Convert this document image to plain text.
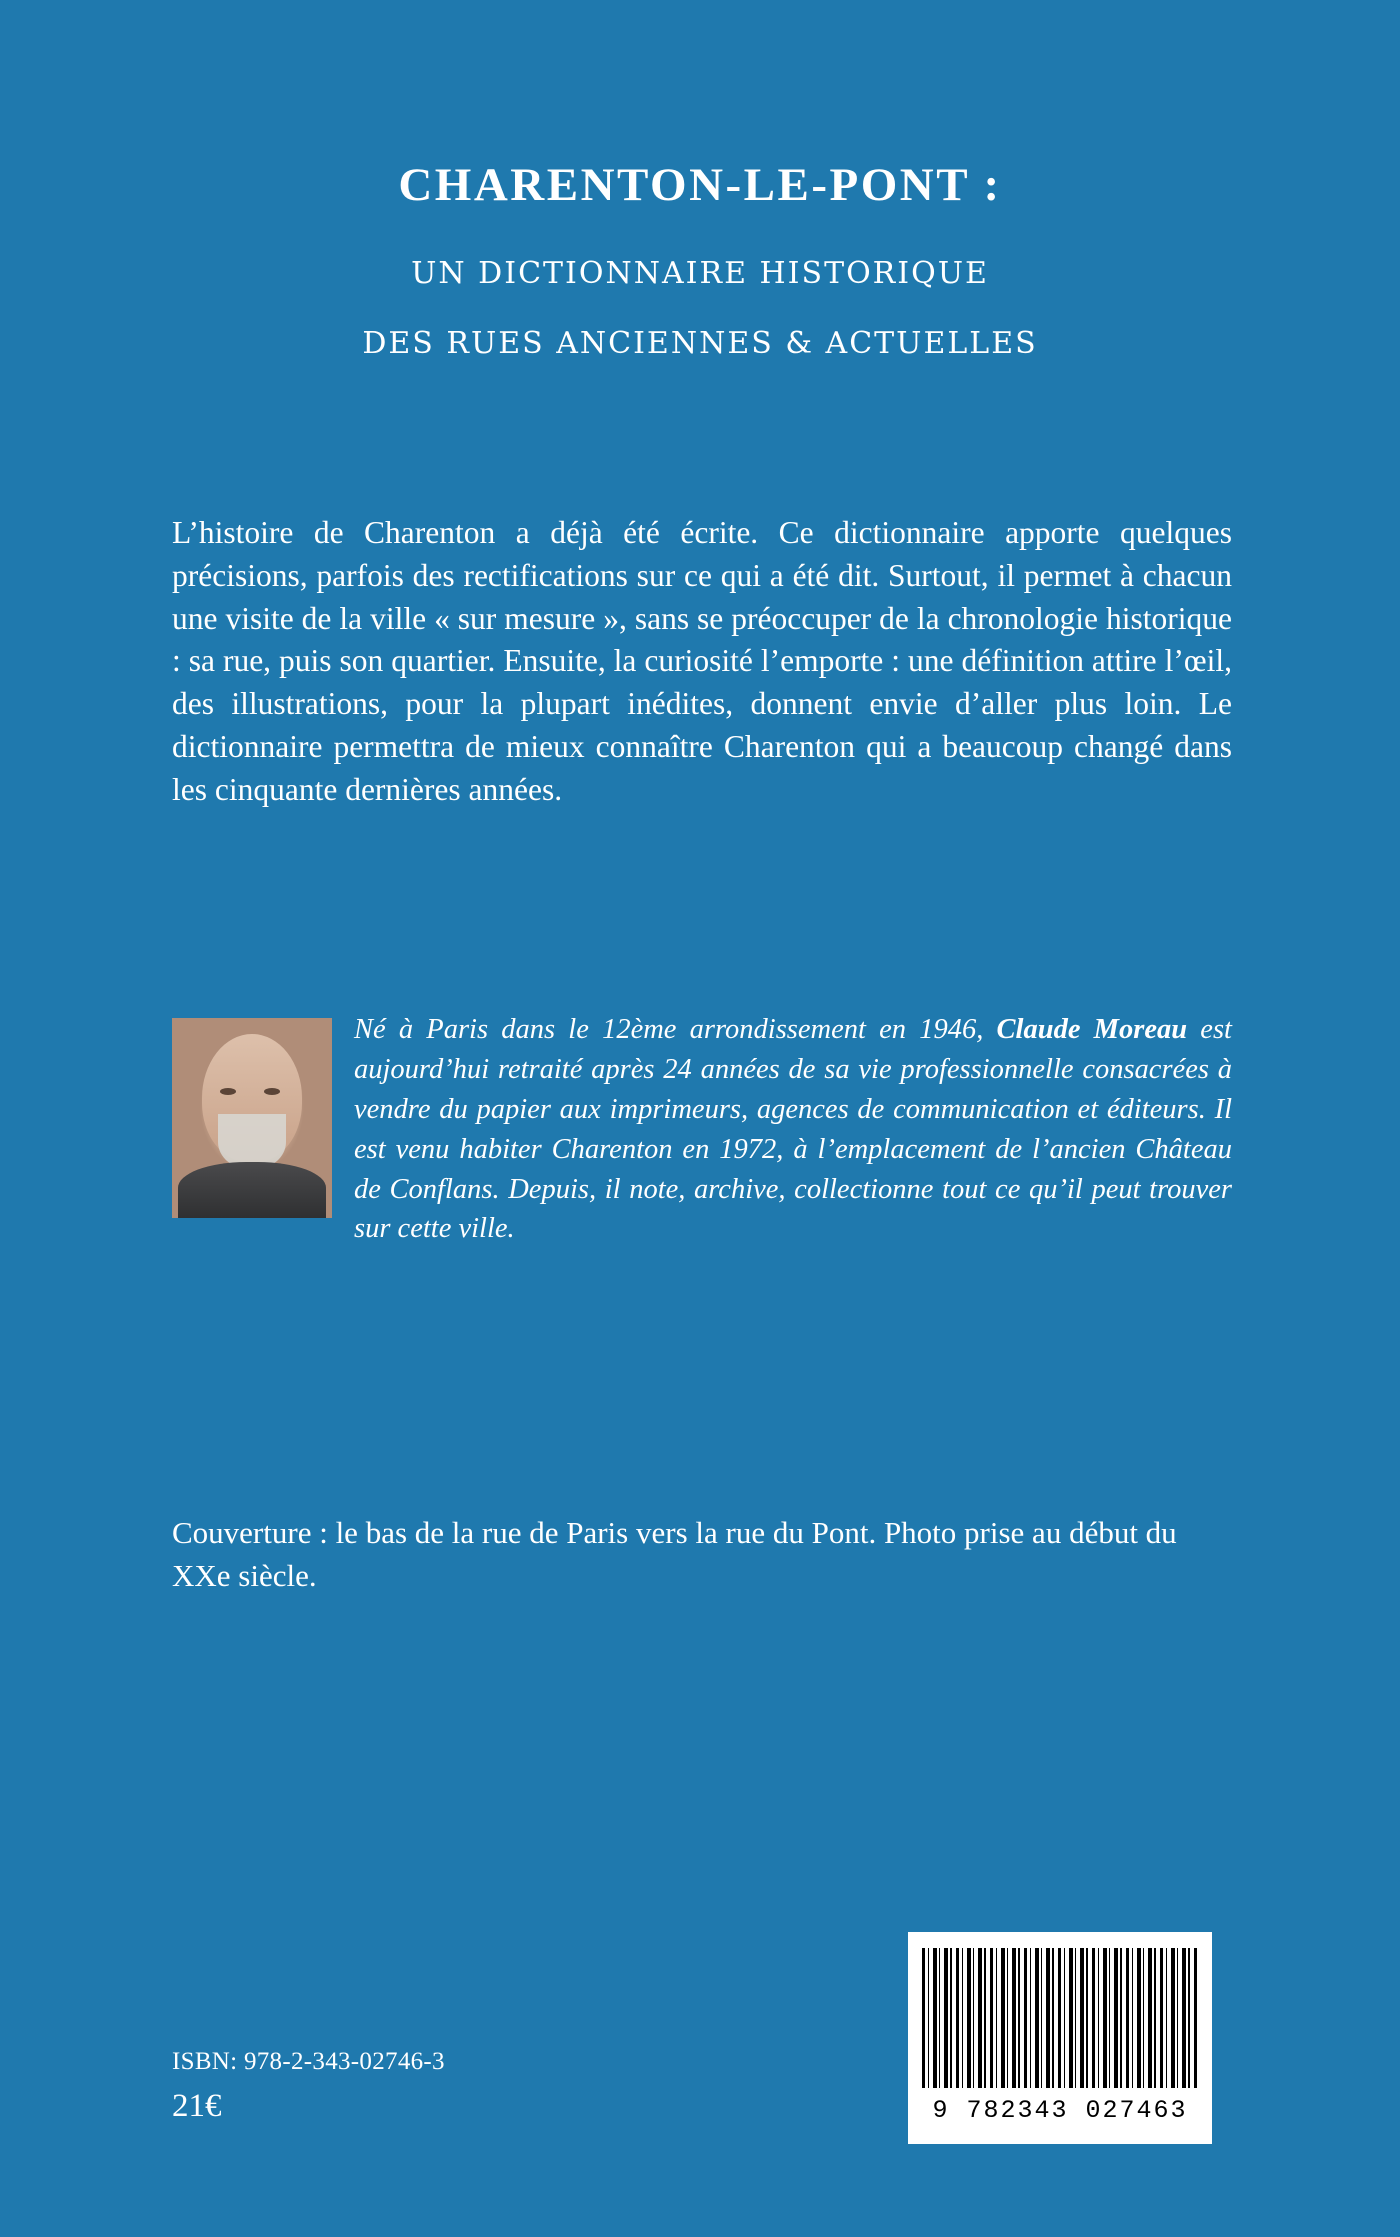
CHARENTON-LE-PONT :
UN DICTIONNAIRE HISTORIQUE
DES RUES ANCIENNES & ACTUELLES
L’histoire de Charenton a déjà été écrite. Ce dictionnaire apporte quelques précisions, parfois des rectifications sur ce qui a été dit. Surtout, il permet à chacun une visite de la ville « sur mesure », sans se préoccuper de la chronologie historique : sa rue, puis son quartier. Ensuite, la curiosité l’emporte : une définition attire l’œil, des illustrations, pour la plupart inédites, donnent envie d’aller plus loin. Le dictionnaire permettra de mieux connaître Charenton qui a beaucoup changé dans les cinquante dernières années.
Né à Paris dans le 12ème arrondissement en 1946, Claude Moreau est aujourd’hui retraité après 24 années de sa vie professionnelle consacrées à vendre du papier aux imprimeurs, agences de communication et éditeurs. Il est venu habiter Charenton en 1972, à l’emplacement de l’ancien Château de Conflans. Depuis, il note, archive, collectionne tout ce qu’il peut trouver sur cette ville.
Couverture : le bas de la rue de Paris vers la rue du Pont. Photo prise au début du XXe siècle.
ISBN: 978-2-343-02746-3
21€	9 782343 027463
